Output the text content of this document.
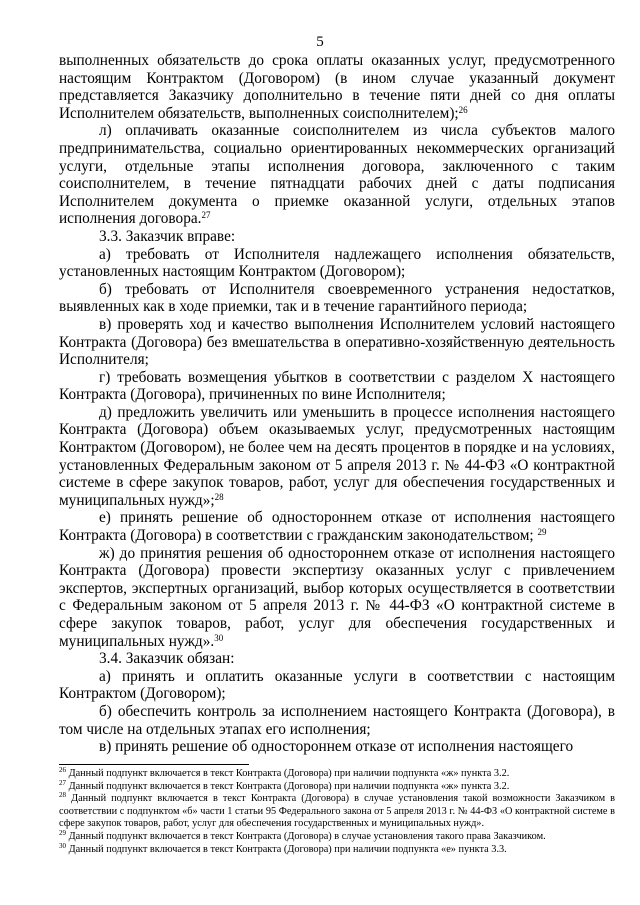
5

выполненных обязательств до срока оплаты оказанных услуг, предусмотренного настоящим Контрактом (Договором) (в ином случае указанный документ представляется Заказчику дополнительно в течение пяти дней со дня оплаты Исполнителем обязательств, выполненных соисполнителем);$^{26}$

л) оплачивать оказанные соисполнителем из числа субъектов малого предпринимательства, социально ориентированных некоммерческих организаций услуги, отдельные этапы исполнения договора, заключенного с таким соисполнителем, в течение пятнадцати рабочих дней с даты подписания Исполнителем документа о приемке оказанной услуги, отдельных этапов исполнения договора.$^{27}$

3.3. Заказчик вправе:

а) требовать от Исполнителя надлежащего исполнения обязательств, установленных настоящим Контрактом (Договором);

б) требовать от Исполнителя своевременного устранения недостатков, выявленных как в ходе приемки, так и в течение гарантийного периода;

в) проверять ход и качество выполнения Исполнителем условий настоящего Контракта (Договора) без вмешательства в оперативно-хозяйственную деятельность Исполнителя;

г) требовать возмещения убытков в соответствии с разделом X настоящего Контракта (Договора), причиненных по вине Исполнителя;

д) предложить увеличить или уменьшить в процессе исполнения настоящего Контракта (Договора) объем оказываемых услуг, предусмотренных настоящим Контрактом (Договором), не более чем на десять процентов в порядке и на условиях, установленных Федеральным законом от 5 апреля 2013 г. № 44-ФЗ «О контрактной системе в сфере закупок товаров, работ, услуг для обеспечения государственных и муниципальных нужд»;$^{28}$

е) принять решение об одностороннем отказе от исполнения настоящего Контракта (Договора) в соответствии с гражданским законодательством; $^{29}$

ж) до принятия решения об одностороннем отказе от исполнения настоящего Контракта (Договора) провести экспертизу оказанных услуг с привлечением экспертов, экспертных организаций, выбор которых осуществляется в соответствии с Федеральным законом от 5 апреля 2013 г. № 44-ФЗ «О контрактной системе в сфере закупок товаров, работ, услуг для обеспечения государственных и муниципальных нужд».$^{30}$

3.4. Заказчик обязан:

а) принять и оплатить оказанные услуги в соответствии с настоящим Контрактом (Договором);

б) обеспечить контроль за исполнением настоящего Контракта (Договора), в том числе на отдельных этапах его исполнения;

в) принять решение об одностороннем отказе от исполнения настоящего

$^{26}$ Данный подпункт включается в текст Контракта (Договора) при наличии подпункта «ж» пункта 3.2.

$^{27}$ Данный подпункт включается в текст Контракта (Договора) при наличии подпункта «ж» пункта 3.2.

$^{28}$ Данный подпункт включается в текст Контракта (Договора) в случае установления такой возможности Заказчиком в соответствии с подпунктом «б» части 1 статьи 95 Федерального закона от 5 апреля 2013 г. № 44-ФЗ «О контрактной системе в сфере закупок товаров, работ, услуг для обеспечения государственных и муниципальных нужд».

$^{29}$ Данный подпункт включается в текст Контракта (Договора) в случае установления такого права Заказчиком.

$^{30}$ Данный подпункт включается в текст Контракта (Договора) при наличии подпункта «е» пункта 3.3.
